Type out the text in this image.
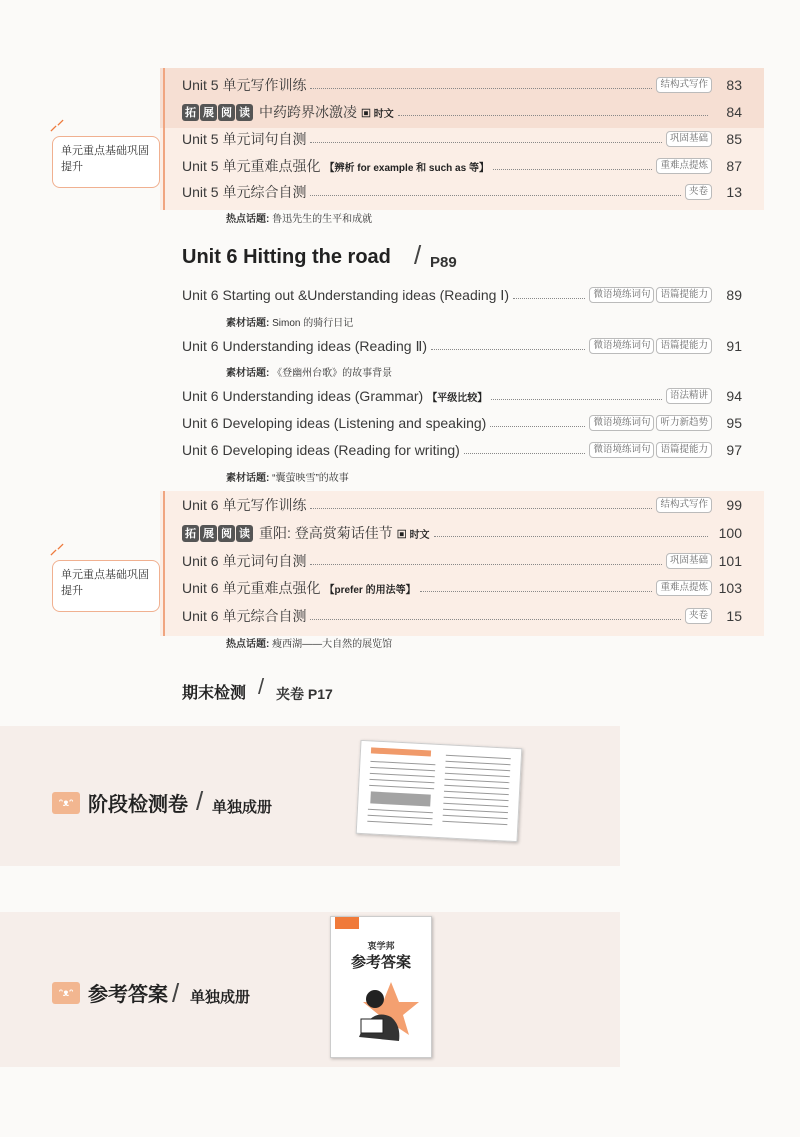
⸝⸍
单元重点基础巩固提升
Unit 5 单元写作训练	结构式写作	83
拓 展 阅 读 中药跨界冰激凌 ▣ 时文	84
Unit 5 单元词句自测	巩固基础	85
Unit 5 单元重难点强化 【辨析 for example 和 such as 等】	重难点提炼	87
Unit 5 单元综合自测	夹卷	13
热点话题: 鲁迅先生的生平和成就
Unit 6 Hitting the road / P89
Unit 6 Starting out &Understanding ideas (Reading Ⅰ)	微语境练词句	语篇提能力	89
素材话题: Simon 的骑行日记
Unit 6 Understanding ideas (Reading Ⅱ)	微语境练词句	语篇提能力	91
素材话题: 《登幽州台歌》的故事背景
Unit 6 Understanding ideas (Grammar) 【平级比较】	语法精讲	94
Unit 6 Developing ideas (Listening and speaking)	微语境练词句	听力新趋势	95
Unit 6 Developing ideas (Reading for writing)	微语境练词句	语篇提能力	97
素材话题: “囊萤映雪”的故事
⸝⸍
单元重点基础巩固提升
Unit 6 单元写作训练	结构式写作	99
拓 展 阅 读 重阳: 登高赏菊话佳节 ▣ 时文	100
Unit 6 单元词句自测	巩固基础 101
Unit 6 单元重难点强化 【prefer 的用法等】	重难点提炼 103
Unit 6 单元综合自测	夹卷	15
热点话题: 瘦西湖——大自然的展览馆
期末检测 / 夹卷 P17
ᵔᴥᵔ 阶段检测卷 / 单独成册
ᵔᴥᵔ 参考答案 / 单独成册
衷学邦
参考答案
